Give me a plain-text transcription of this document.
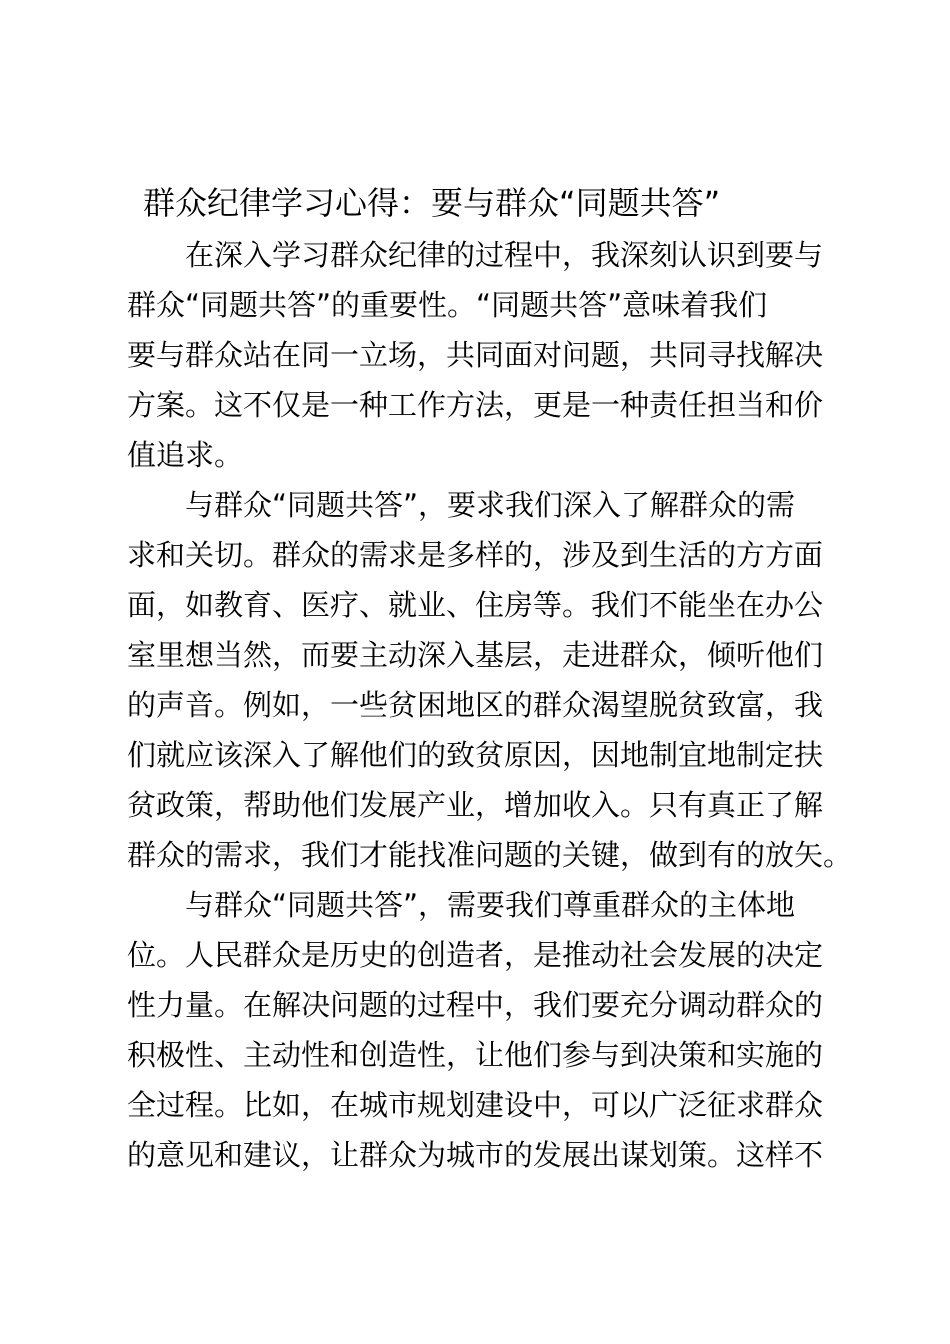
群众纪律学习心得：要与群众“同题共答”

在深入学习群众纪律的过程中，我深刻认识到要与

群众“同题共答”的重要性。“同题共答”意味着我们

要与群众站在同一立场，共同面对问题，共同寻找解决

方案。这不仅是一种工作方法，更是一种责任担当和价

值追求。

与群众“同题共答”，要求我们深入了解群众的需

求和关切。群众的需求是多样的，涉及到生活的方方面

面，如教育、医疗、就业、住房等。我们不能坐在办公

室里想当然，而要主动深入基层，走进群众，倾听他们

的声音。例如，一些贫困地区的群众渴望脱贫致富，我

们就应该深入了解他们的致贫原因，因地制宜地制定扶

贫政策，帮助他们发展产业，增加收入。只有真正了解

群众的需求，我们才能找准问题的关键，做到有的放矢。

与群众“同题共答”，需要我们尊重群众的主体地

位。人民群众是历史的创造者，是推动社会发展的决定

性力量。在解决问题的过程中，我们要充分调动群众的

积极性、主动性和创造性，让他们参与到决策和实施的

全过程。比如，在城市规划建设中，可以广泛征求群众

的意见和建议，让群众为城市的发展出谋划策。这样不
